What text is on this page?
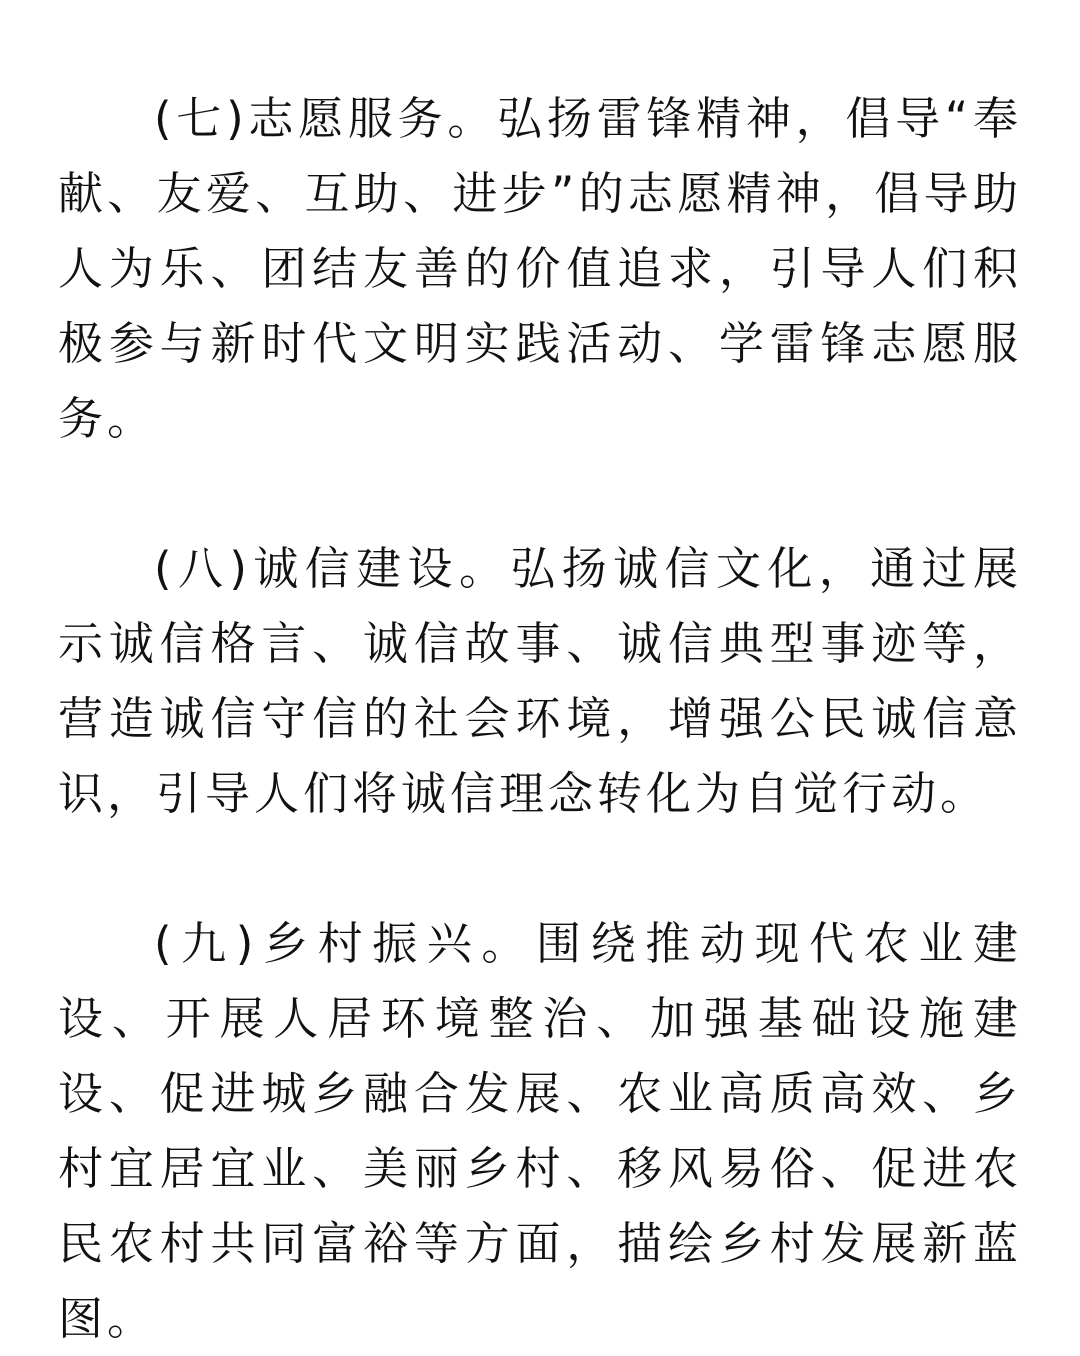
(七)志愿服务。弘扬雷锋精神，倡导“奉献、友爱、互助、进步”的志愿精神，倡导助人为乐、团结友善的价值追求，引导人们积极参与新时代文明实践活动、学雷锋志愿服务。

(八)诚信建设。弘扬诚信文化，通过展示诚信格言、诚信故事、诚信典型事迹等，营造诚信守信的社会环境，增强公民诚信意识，引导人们将诚信理念转化为自觉行动。

(九)乡村振兴。围绕推动现代农业建设、开展人居环境整治、加强基础设施建设、促进城乡融合发展、农业高质高效、乡村宜居宜业、美丽乡村、移风易俗、促进农民农村共同富裕等方面，描绘乡村发展新蓝图。
